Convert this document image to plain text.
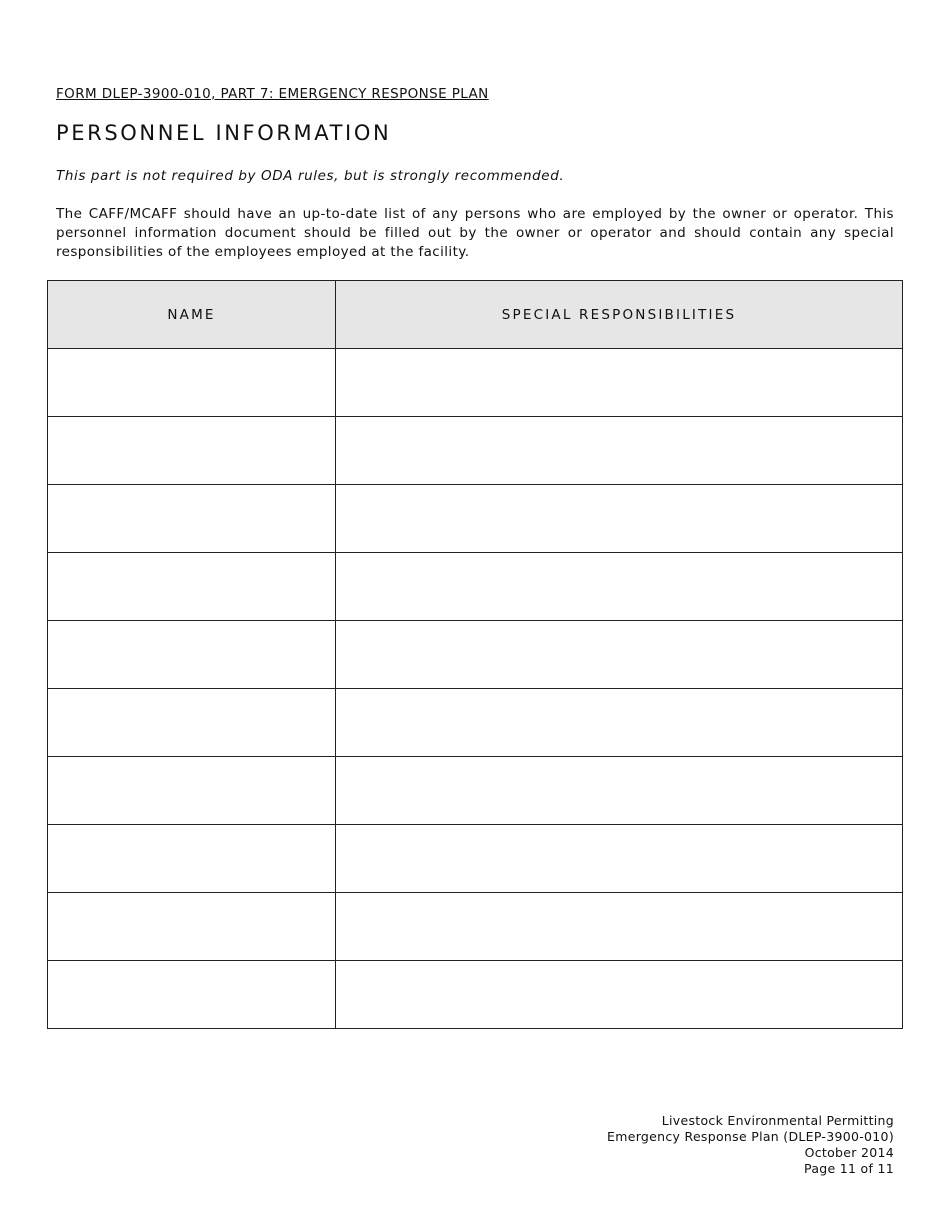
FORM DLEP-3900-010, PART 7: EMERGENCY RESPONSE PLAN
PERSONNEL INFORMATION
This part is not required by ODA rules, but is strongly recommended.
The CAFF/MCAFF should have an up-to-date list of any persons who are employed by the owner or operator. This personnel information document should be filled out by the owner or operator and should contain any special responsibilities of the employees employed at the facility.
NAME	SPECIAL RESPONSIBILITIES

Livestock Environmental Permitting
Emergency Response Plan (DLEP-3900-010)
October 2014
Page 11 of 11
